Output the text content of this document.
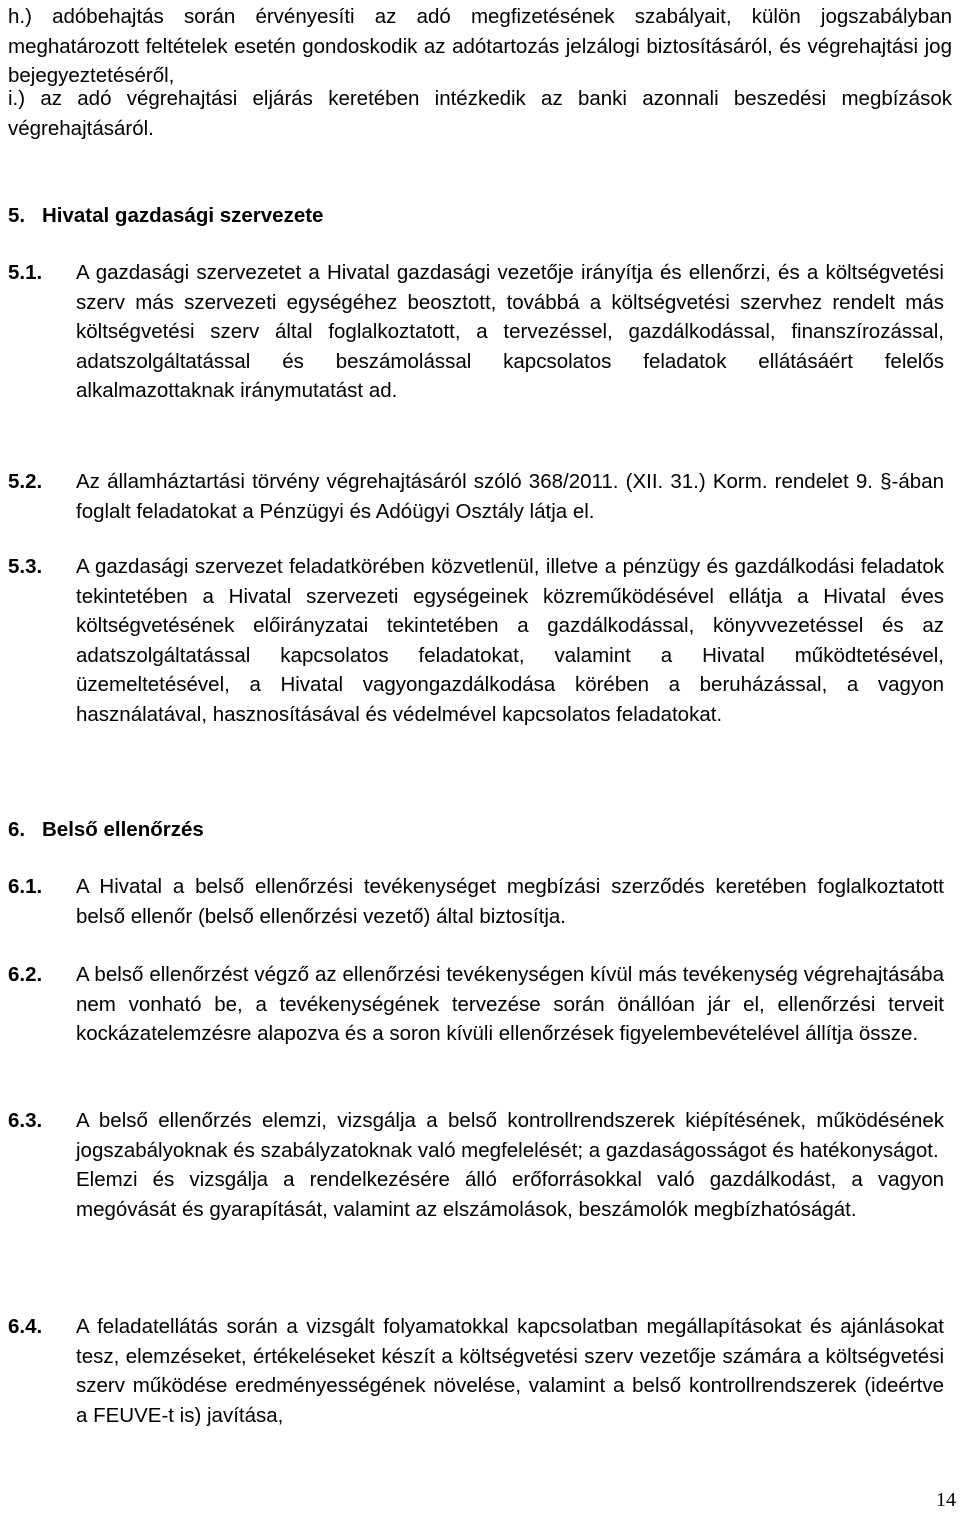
h.) adóbehajtás során érvényesíti az adó megfizetésének szabályait, külön jogszabályban meghatározott feltételek esetén gondoskodik az adótartozás jelzálogi biztosításáról, és végrehajtási jog bejegyeztetéséről,
i.) az adó végrehajtási eljárás keretében intézkedik az banki azonnali beszedési megbízások végrehajtásáról.
5. Hivatal gazdasági szervezete
5.1.	A gazdasági szervezetet a Hivatal gazdasági vezetője irányítja és ellenőrzi, és a költségvetési szerv más szervezeti egységéhez beosztott, továbbá a költségvetési szervhez rendelt más költségvetési szerv által foglalkoztatott, a tervezéssel, gazdálkodással, finanszírozással, adatszolgáltatással és beszámolással kapcsolatos feladatok ellátásáért felelős alkalmazottaknak iránymutatást ad.
5.2.	Az államháztartási törvény végrehajtásáról szóló 368/2011. (XII. 31.) Korm. rendelet 9. §-ában foglalt feladatokat a Pénzügyi és Adóügyi Osztály látja el.
5.3.	A gazdasági szervezet feladatkörében közvetlenül, illetve a pénzügy és gazdálkodási feladatok tekintetében a Hivatal szervezeti egységeinek közreműködésével ellátja a Hivatal éves költségvetésének előirányzatai tekintetében a gazdálkodással, könyvvezetéssel és az adatszolgáltatással kapcsolatos feladatokat, valamint a Hivatal működtetésével, üzemeltetésével, a Hivatal vagyongazdálkodása körében a beruházással, a vagyon használatával, hasznosításával és védelmével kapcsolatos feladatokat.
6. Belső ellenőrzés
6.1.	A Hivatal a belső ellenőrzési tevékenységet megbízási szerződés keretében foglalkoztatott belső ellenőr (belső ellenőrzési vezető) által biztosítja.
6.2.	A belső ellenőrzést végző az ellenőrzési tevékenységen kívül más tevékenység végrehajtásába nem vonható be, a tevékenységének tervezése során önállóan jár el, ellenőrzési terveit kockázatelemzésre alapozva és a soron kívüli ellenőrzések figyelembevételével állítja össze.
6.3.	A belső ellenőrzés elemzi, vizsgálja a belső kontrollrendszerek kiépítésének, működésének jogszabályoknak és szabályzatoknak való megfelelését; a gazdaságosságot és hatékonyságot.

Elemzi és vizsgálja a rendelkezésére álló erőforrásokkal való gazdálkodást, a vagyon megóvását és gyarapítását, valamint az elszámolások, beszámolók megbízhatóságát.

6.4.	A feladatellátás során a vizsgált folyamatokkal kapcsolatban megállapításokat és ajánlásokat tesz, elemzéseket, értékeléseket készít a költségvetési szerv vezetője számára a költségvetési szerv működése eredményességének növelése, valamint a belső kontrollrendszerek (ideértve a FEUVE-t is) javítása,
14
